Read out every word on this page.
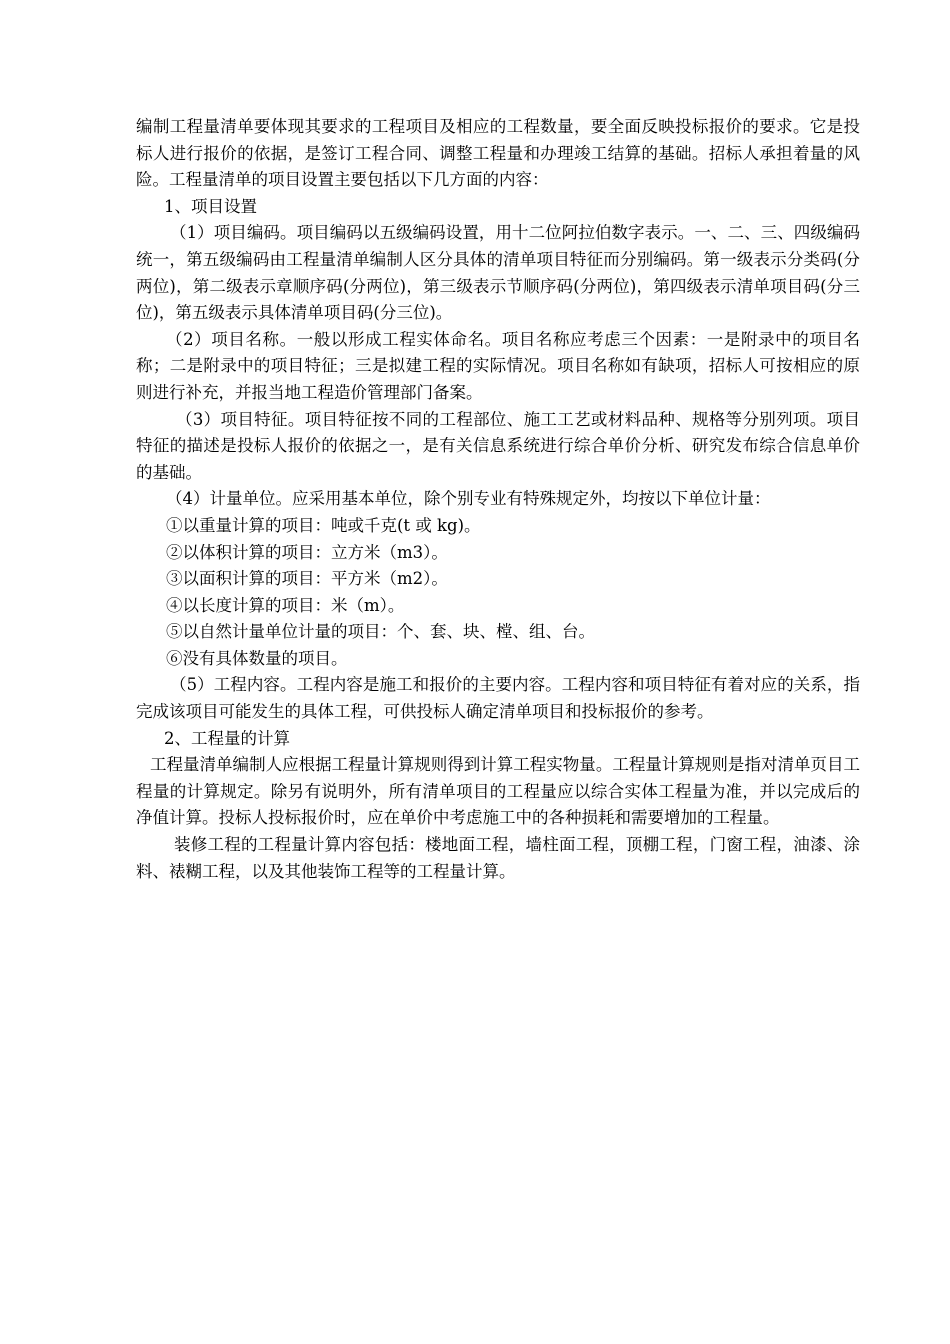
编制工程量清单要体现其要求的工程项目及相应的工程数量，要全面反映投标报价的要求。它是投标人进行报价的依据，是签订工程合同、调整工程量和办理竣工结算的基础。招标人承担着量的风险。工程量清单的项目设置主要包括以下几方面的内容：

1、项目设置

（1）项目编码。项目编码以五级编码设置，用十二位阿拉伯数字表示。一、二、三、四级编码统一，第五级编码由工程量清单编制人区分具体的清单项目特征而分别编码。第一级表示分类码(分两位)，第二级表示章顺序码(分两位)，第三级表示节顺序码(分两位)，第四级表示清单项目码(分三位)，第五级表示具体清单项目码(分三位)。

（2）项目名称。一般以形成工程实体命名。项目名称应考虑三个因素：一是附录中的项目名称；二是附录中的项目特征；三是拟建工程的实际情况。项目名称如有缺项，招标人可按相应的原则进行补充，并报当地工程造价管理部门备案。

（3）项目特征。项目特征按不同的工程部位、施工工艺或材料品种、规格等分别列项。项目特征的描述是投标人报价的依据之一，是有关信息系统进行综合单价分析、研究发布综合信息单价的基础。

（4）计量单位。应采用基本单位，除个别专业有特殊规定外，均按以下单位计量：

①以重量计算的项目：吨或千克(t 或 kg)。

②以体积计算的项目：立方米（m3）。

③以面积计算的项目：平方米（m2）。

④以长度计算的项目：米（m）。

⑤以自然计量单位计量的项目：个、套、块、樘、组、台。

⑥没有具体数量的项目。

（5）工程内容。工程内容是施工和报价的主要内容。工程内容和项目特征有着对应的关系，指完成该项目可能发生的具体工程，可供投标人确定清单项目和投标报价的参考。

2、工程量的计算

工程量清单编制人应根据工程量计算规则得到计算工程实物量。工程量计算规则是指对清单页目工程量的计算规定。除另有说明外，所有清单项目的工程量应以综合实体工程量为准，并以完成后的净值计算。投标人投标报价时，应在单价中考虑施工中的各种损耗和需要增加的工程量。

装修工程的工程量计算内容包括：楼地面工程，墙柱面工程，顶棚工程，门窗工程，油漆、涂料、裱糊工程，以及其他装饰工程等的工程量计算。
